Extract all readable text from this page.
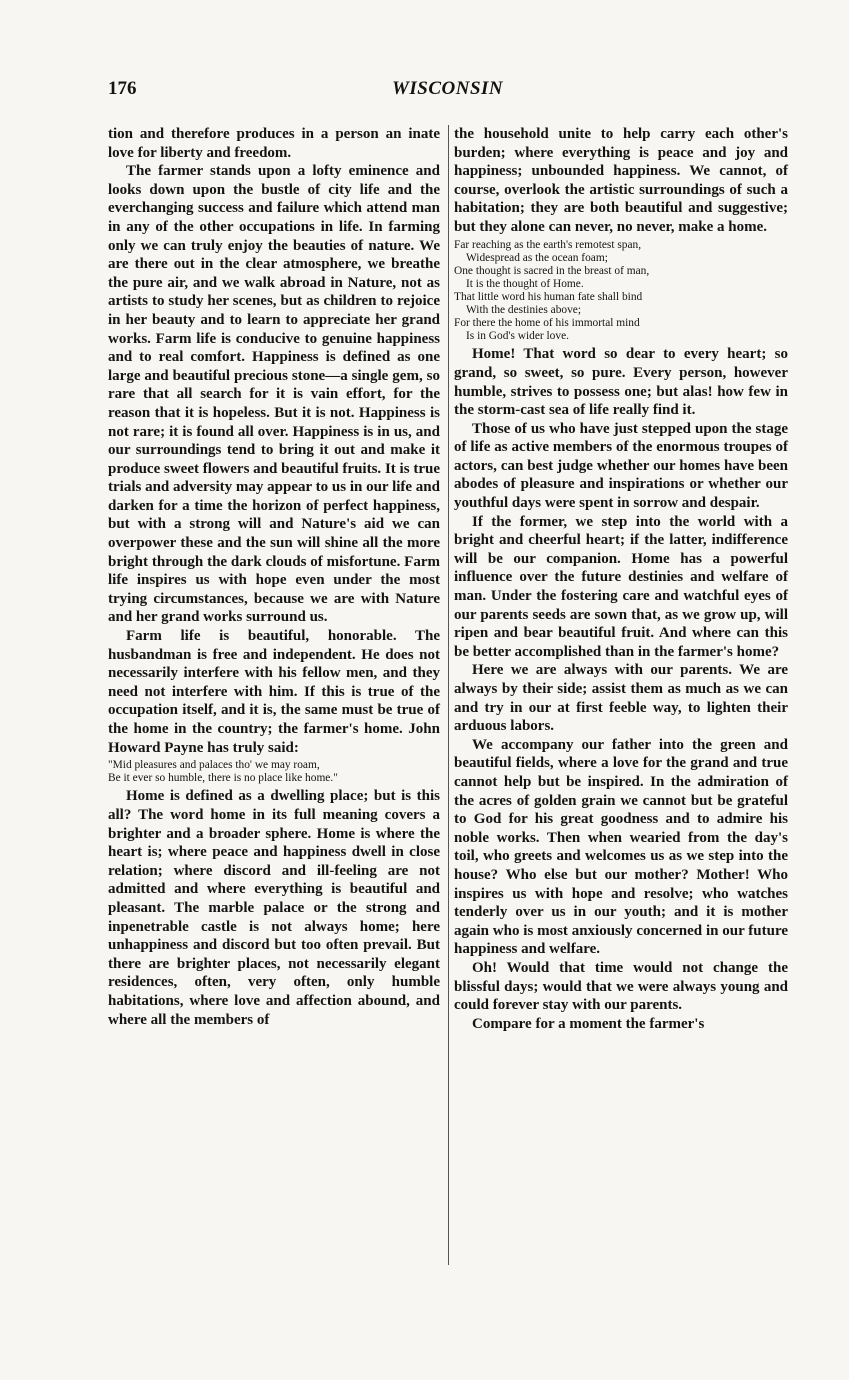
176	WISCONSIN

tion and therefore produces in a person an inate love for liberty and freedom.

The farmer stands upon a lofty eminence and looks down upon the bustle of city life and the everchanging success and failure which attend man in any of the other occupations in life. In farming only we can truly enjoy the beauties of nature. We are there out in the clear atmosphere, we breathe the pure air, and we walk abroad in Nature, not as artists to study her scenes, but as children to rejoice in her beauty and to learn to appreciate her grand works. Farm life is conducive to genuine happiness and to real comfort. Happiness is defined as one large and beautiful precious stone—a single gem, so rare that all search for it is vain effort, for the reason that it is hopeless. But it is not. Happiness is not rare; it is found all over. Happiness is in us, and our surroundings tend to bring it out and make it produce sweet flowers and beautiful fruits. It is true trials and adversity may appear to us in our life and darken for a time the horizon of perfect happiness, but with a strong will and Nature's aid we can overpower these and the sun will shine all the more bright through the dark clouds of misfortune. Farm life inspires us with hope even under the most trying circumstances, because we are with Nature and her grand works surround us.

Farm life is beautiful, honorable. The husbandman is free and independent. He does not necessarily interfere with his fellow men, and they need not interfere with him. If this is true of the occupation itself, and it is, the same must be true of the home in the country; the farmer's home. John Howard Payne has truly said:

"Mid pleasures and palaces tho' we may roam,
Be it ever so humble, there is no place like home."

Home is defined as a dwelling place; but is this all? The word home in its full meaning covers a brighter and a broader sphere. Home is where the heart is; where peace and happiness dwell in close relation; where discord and ill-feeling are not admitted and where everything is beautiful and pleasant. The marble palace or the strong and inpenetrable castle is not always home; here unhappiness and discord but too often prevail. But there are brighter places, not necessarily elegant residences, often, very often, only humble habitations, where love and affection abound, and where all the members of

the household unite to help carry each other's burden; where everything is peace and joy and happiness; unbounded happiness. We cannot, of course, overlook the artistic surroundings of such a habitation; they are both beautiful and suggestive; but they alone can never, no never, make a home.

Far reaching as the earth's remotest span,
Widespread as the ocean foam;
One thought is sacred in the breast of man,
It is the thought of Home.
That little word his human fate shall bind
With the destinies above;
For there the home of his immortal mind
Is in God's wider love.

Home! That word so dear to every heart; so grand, so sweet, so pure. Every person, however humble, strives to possess one; but alas! how few in the storm-cast sea of life really find it.

Those of us who have just stepped upon the stage of life as active members of the enormous troupes of actors, can best judge whether our homes have been abodes of pleasure and inspirations or whether our youthful days were spent in sorrow and despair.

If the former, we step into the world with a bright and cheerful heart; if the latter, indifference will be our companion. Home has a powerful influence over the future destinies and welfare of man. Under the fostering care and watchful eyes of our parents seeds are sown that, as we grow up, will ripen and bear beautiful fruit. And where can this be better accomplished than in the farmer's home?

Here we are always with our parents. We are always by their side; assist them as much as we can and try in our at first feeble way, to lighten their arduous labors.

We accompany our father into the green and beautiful fields, where a love for the grand and true cannot help but be inspired. In the admiration of the acres of golden grain we cannot but be grateful to God for his great goodness and to admire his noble works. Then when wearied from the day's toil, who greets and welcomes us as we step into the house? Who else but our mother? Mother! Who inspires us with hope and resolve; who watches tenderly over us in our youth; and it is mother again who is most anxiously concerned in our future happiness and welfare.

Oh! Would that time would not change the blissful days; would that we were always young and could forever stay with our parents.

Compare for a moment the farmer's
